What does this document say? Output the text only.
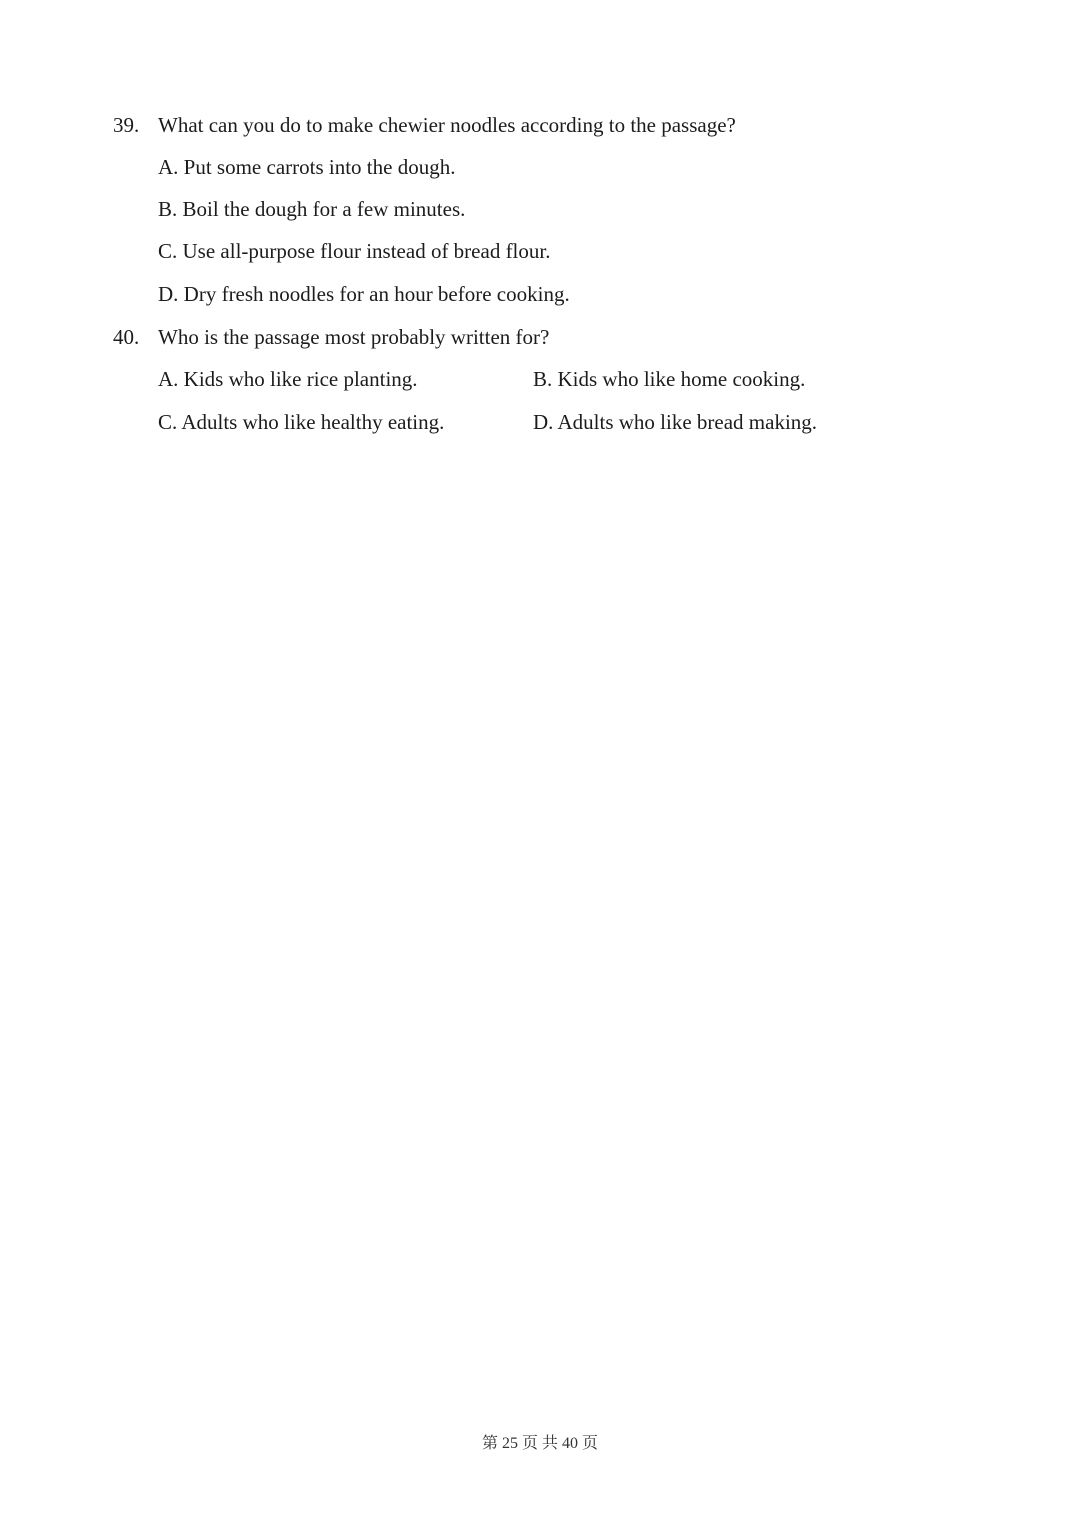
39. What can you do to make chewier noodles according to the passage?
A. Put some carrots into the dough.
B. Boil the dough for a few minutes.
C. Use all-purpose flour instead of bread flour.
D. Dry fresh noodles for an hour before cooking.
40. Who is the passage most probably written for?
A. Kids who like rice planting.	B. Kids who like home cooking.
C. Adults who like healthy eating.	D. Adults who like bread making.
第 25 页 共 40 页
